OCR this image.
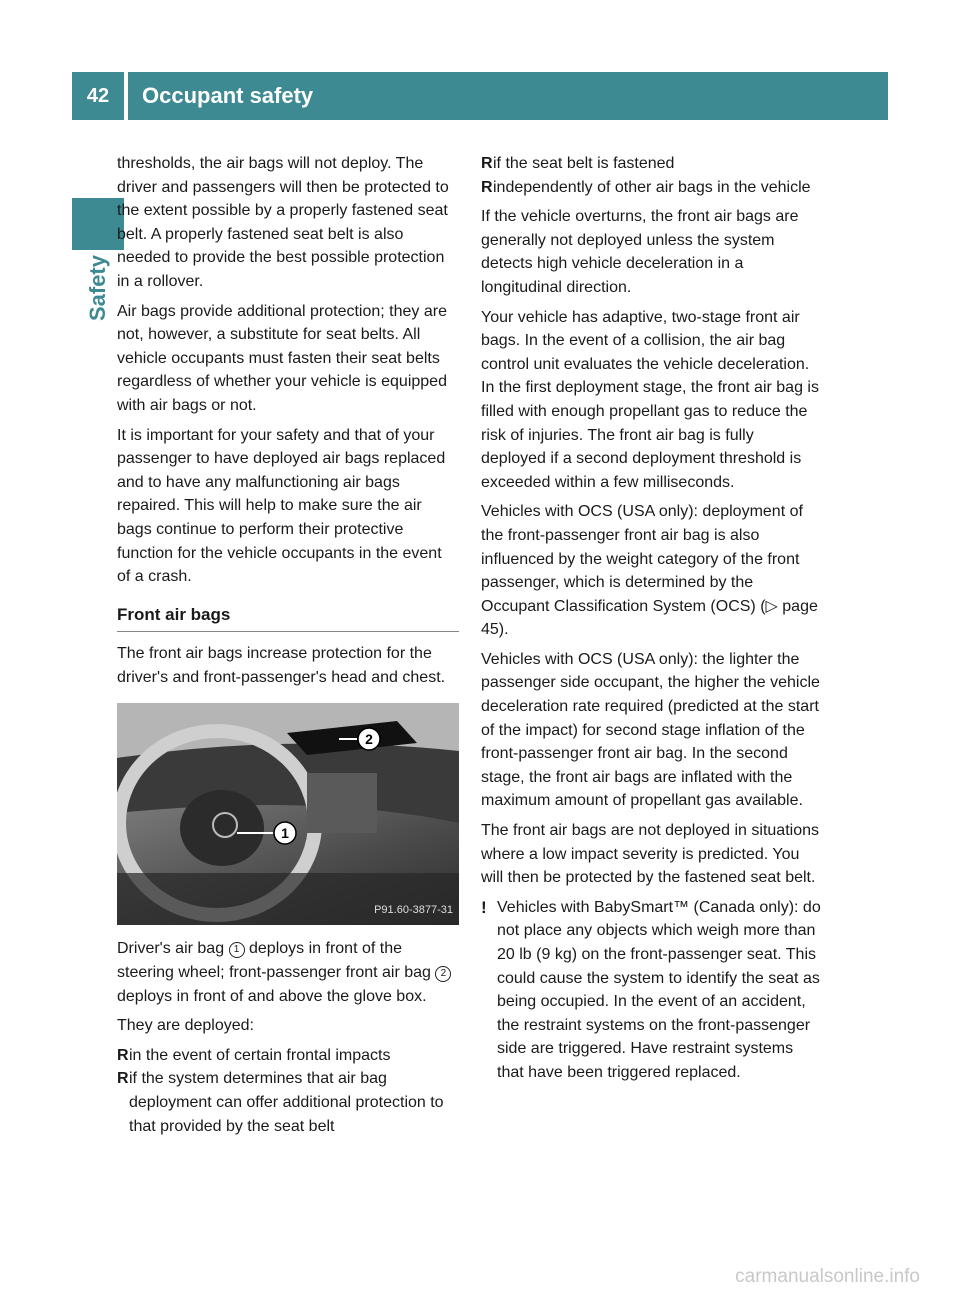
42	Occupant safety
Safety

thresholds, the air bags will not deploy. The driver and passengers will then be protected to the extent possible by a properly fastened seat belt. A properly fastened seat belt is also needed to provide the best possible protection in a rollover.

Air bags provide additional protection; they are not, however, a substitute for seat belts. All vehicle occupants must fasten their seat belts regardless of whether your vehicle is equipped with air bags or not.

It is important for your safety and that of your passenger to have deployed air bags replaced and to have any malfunctioning air bags repaired. This will help to make sure the air bags continue to perform their protective function for the vehicle occupants in the event of a crash.

Front air bags

The front air bags increase protection for the driver's and front-passenger's head and chest.

2
1
P91.60-3877-31

Driver's air bag 1 deploys in front of the steering wheel; front-passenger front air bag 2 deploys in front of and above the glove box.

They are deployed:

R in the event of certain frontal impacts
R if the system determines that air bag deployment can offer additional protection to that provided by the seat belt
R if the seat belt is fastened
R independently of other air bags in the vehicle

If the vehicle overturns, the front air bags are generally not deployed unless the system detects high vehicle deceleration in a longitudinal direction.

Your vehicle has adaptive, two-stage front air bags. In the event of a collision, the air bag control unit evaluates the vehicle deceleration. In the first deployment stage, the front air bag is filled with enough propellant gas to reduce the risk of injuries. The front air bag is fully deployed if a second deployment threshold is exceeded within a few milliseconds.

Vehicles with OCS (USA only): deployment of the front-passenger front air bag is also influenced by the weight category of the front passenger, which is determined by the Occupant Classification System (OCS) (▷ page 45).

Vehicles with OCS (USA only): the lighter the passenger side occupant, the higher the vehicle deceleration rate required (predicted at the start of the impact) for second stage inflation of the front-passenger front air bag. In the second stage, the front air bags are inflated with the maximum amount of propellant gas available.

The front air bags are not deployed in situations where a low impact severity is predicted. You will then be protected by the fastened seat belt.

! Vehicles with BabySmart™ (Canada only): do not place any objects which weigh more than 20 lb (9 kg) on the front-passenger seat. This could cause the system to identify the seat as being occupied. In the event of an accident, the restraint systems on the front-passenger side are triggered. Have restraint systems that have been triggered replaced.
carmanualsonline.info
